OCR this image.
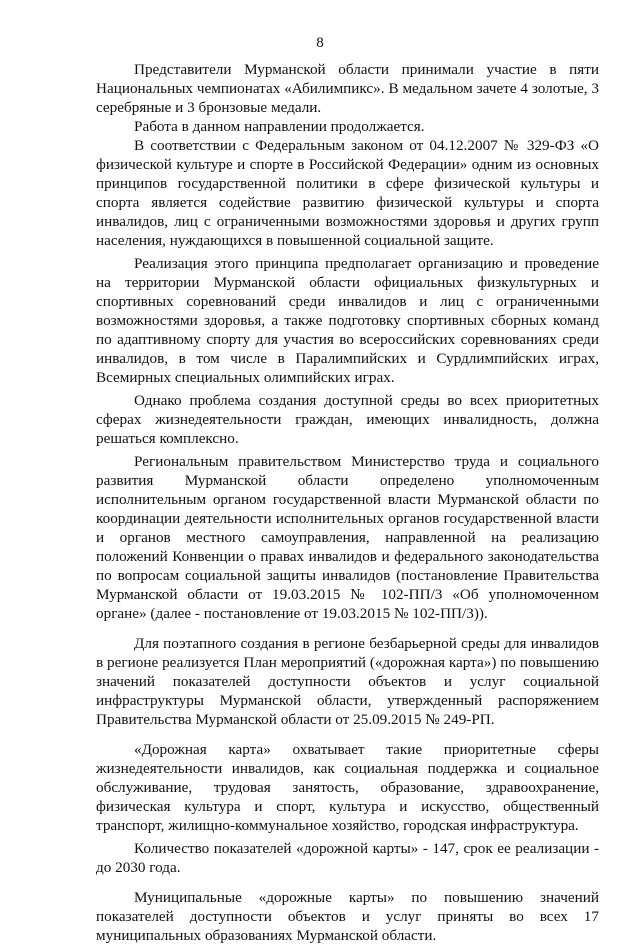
8

Представители Мурманской области принимали участие в пяти Национальных чемпионатах «Абилимпикс». В медальном зачете 4 золотые, 3 серебряные и 3 бронзовые медали.

Работа в данном направлении продолжается.

В соответствии с Федеральным законом от 04.12.2007 № 329-ФЗ «О физической культуре и спорте в Российской Федерации» одним из основных принципов государственной политики в сфере физической культуры и спорта является содействие развитию физической культуры и спорта инвалидов, лиц с ограниченными возможностями здоровья и других групп населения, нуждающихся в повышенной социальной защите.

Реализация этого принципа предполагает организацию и проведение на территории Мурманской области официальных физкультурных и спортивных соревнований среди инвалидов и лиц с ограниченными возможностями здоровья, а также подготовку спортивных сборных команд по адаптивному спорту для участия во всероссийских соревнованиях среди инвалидов, в том числе в Паралимпийских и Сурдлимпийских играх, Всемирных специальных олимпийских играх.

Однако проблема создания доступной среды во всех приоритетных сферах жизнедеятельности граждан, имеющих инвалидность, должна решаться комплексно.

Региональным правительством Министерство труда и социального развития Мурманской области определено уполномоченным исполнительным органом государственной власти Мурманской области по координации деятельности исполнительных органов государственной власти и органов местного самоуправления, направленной на реализацию положений Конвенции о правах инвалидов и федерального законодательства по вопросам социальной защиты инвалидов (постановление Правительства Мурманской области от 19.03.2015 № 102-ПП/3 «Об уполномоченном органе» (далее - постановление от 19.03.2015 № 102-ПП/3)).

Для поэтапного создания в регионе безбарьерной среды для инвалидов в регионе реализуется План мероприятий («дорожная карта») по повышению значений показателей доступности объектов и услуг социальной инфраструктуры Мурманской области, утвержденный распоряжением Правительства Мурманской области от 25.09.2015 № 249-РП.

«Дорожная карта» охватывает такие приоритетные сферы жизнедеятельности инвалидов, как социальная поддержка и социальное обслуживание, трудовая занятость, образование, здравоохранение, физическая культура и спорт, культура и искусство, общественный транспорт, жилищно-коммунальное хозяйство, городская инфраструктура.

Количество показателей «дорожной карты» - 147, срок ее реализации - до 2030 года.

Муниципальные «дорожные карты» по повышению значений показателей доступности объектов и услуг приняты во всех 17 муниципальных образованиях Мурманской области.
